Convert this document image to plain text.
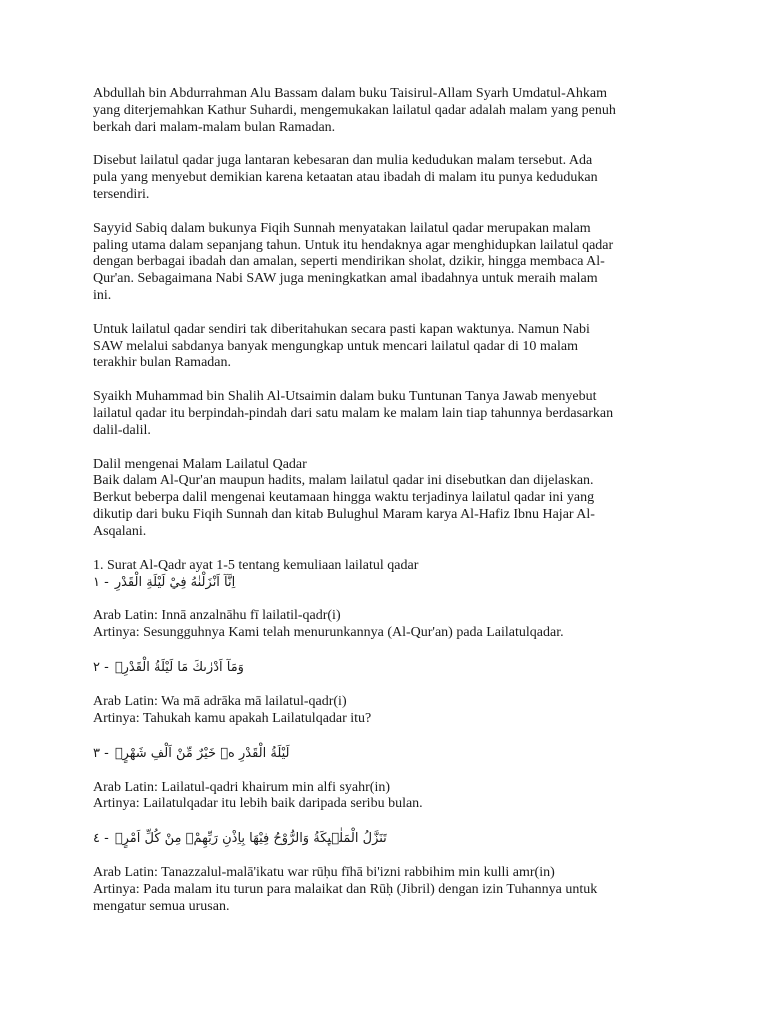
Abdullah bin Abdurrahman Alu Bassam dalam buku Taisirul-Allam Syarh Umdatul-Ahkam
yang diterjemahkan Kathur Suhardi, mengemukakan lailatul qadar adalah malam yang penuh
berkah dari malam-malam bulan Ramadan.
Disebut lailatul qadar juga lantaran kebesaran dan mulia kedudukan malam tersebut. Ada
pula yang menyebut demikian karena ketaatan atau ibadah di malam itu punya kedudukan
tersendiri.
Sayyid Sabiq dalam bukunya Fiqih Sunnah menyatakan lailatul qadar merupakan malam
paling utama dalam sepanjang tahun. Untuk itu hendaknya agar menghidupkan lailatul qadar
dengan berbagai ibadah dan amalan, seperti mendirikan sholat, dzikir, hingga membaca Al-
Qur'an. Sebagaimana Nabi SAW juga meningkatkan amal ibadahnya untuk meraih malam
ini.
Untuk lailatul qadar sendiri tak diberitahukan secara pasti kapan waktunya. Namun Nabi
SAW melalui sabdanya banyak mengungkap untuk mencari lailatul qadar di 10 malam
terakhir bulan Ramadan.
Syaikh Muhammad bin Shalih Al-Utsaimin dalam buku Tuntunan Tanya Jawab menyebut
lailatul qadar itu berpindah-pindah dari satu malam ke malam lain tiap tahunnya berdasarkan
dalil-dalil.
Dalil mengenai Malam Lailatul Qadar
Baik dalam Al-Qur'an maupun hadits, malam lailatul qadar ini disebutkan dan dijelaskan.
Berkut beberpa dalil mengenai keutamaan hingga waktu terjadinya lailatul qadar ini yang
dikutip dari buku Fiqih Sunnah dan kitab Bulughul Maram karya Al-Hafiz Ibnu Hajar Al-
Asqalani.
1. Surat Al-Qadr ayat 1-5 tentang kemuliaan lailatul qadar
١ - اِنَّآ اَنْزَلْنٰهُ فِيْ لَيْلَةِ الْقَدْرِ
Arab Latin: Innā anzalnāhu fī lailatil-qadr(i)
Artinya: Sesungguhnya Kami telah menurunkannya (Al-Qur'an) pada Lailatulqadar.
٢ - وَمَآ اَدْرٰىكَ مَا لَيْلَةُ الْقَدْرِۗ
Arab Latin: Wa mā adrāka mā lailatul-qadr(i)
Artinya: Tahukah kamu apakah Lailatulqadar itu?
٣ - لَيْلَةُ الْقَدْرِ ەۙ خَيْرٌ مِّنْ اَلْفِ شَهْرٍۗ
Arab Latin: Lailatul-qadri khairum min alfi syahr(in)
Artinya: Lailatulqadar itu lebih baik daripada seribu bulan.
٤ - تَنَزَّلُ الْمَلٰۤىِٕكَةُ وَالرُّوْحُ فِيْهَا بِاِذْنِ رَبِّهِمْۚ مِنْ كُلِّ اَمْرٍۛ
Arab Latin: Tanazzalul-malā'ikatu war rūḥu fīhā bi'izni rabbihim min kulli amr(in)
Artinya: Pada malam itu turun para malaikat dan Rūḥ (Jibril) dengan izin Tuhannya untuk
mengatur semua urusan.
